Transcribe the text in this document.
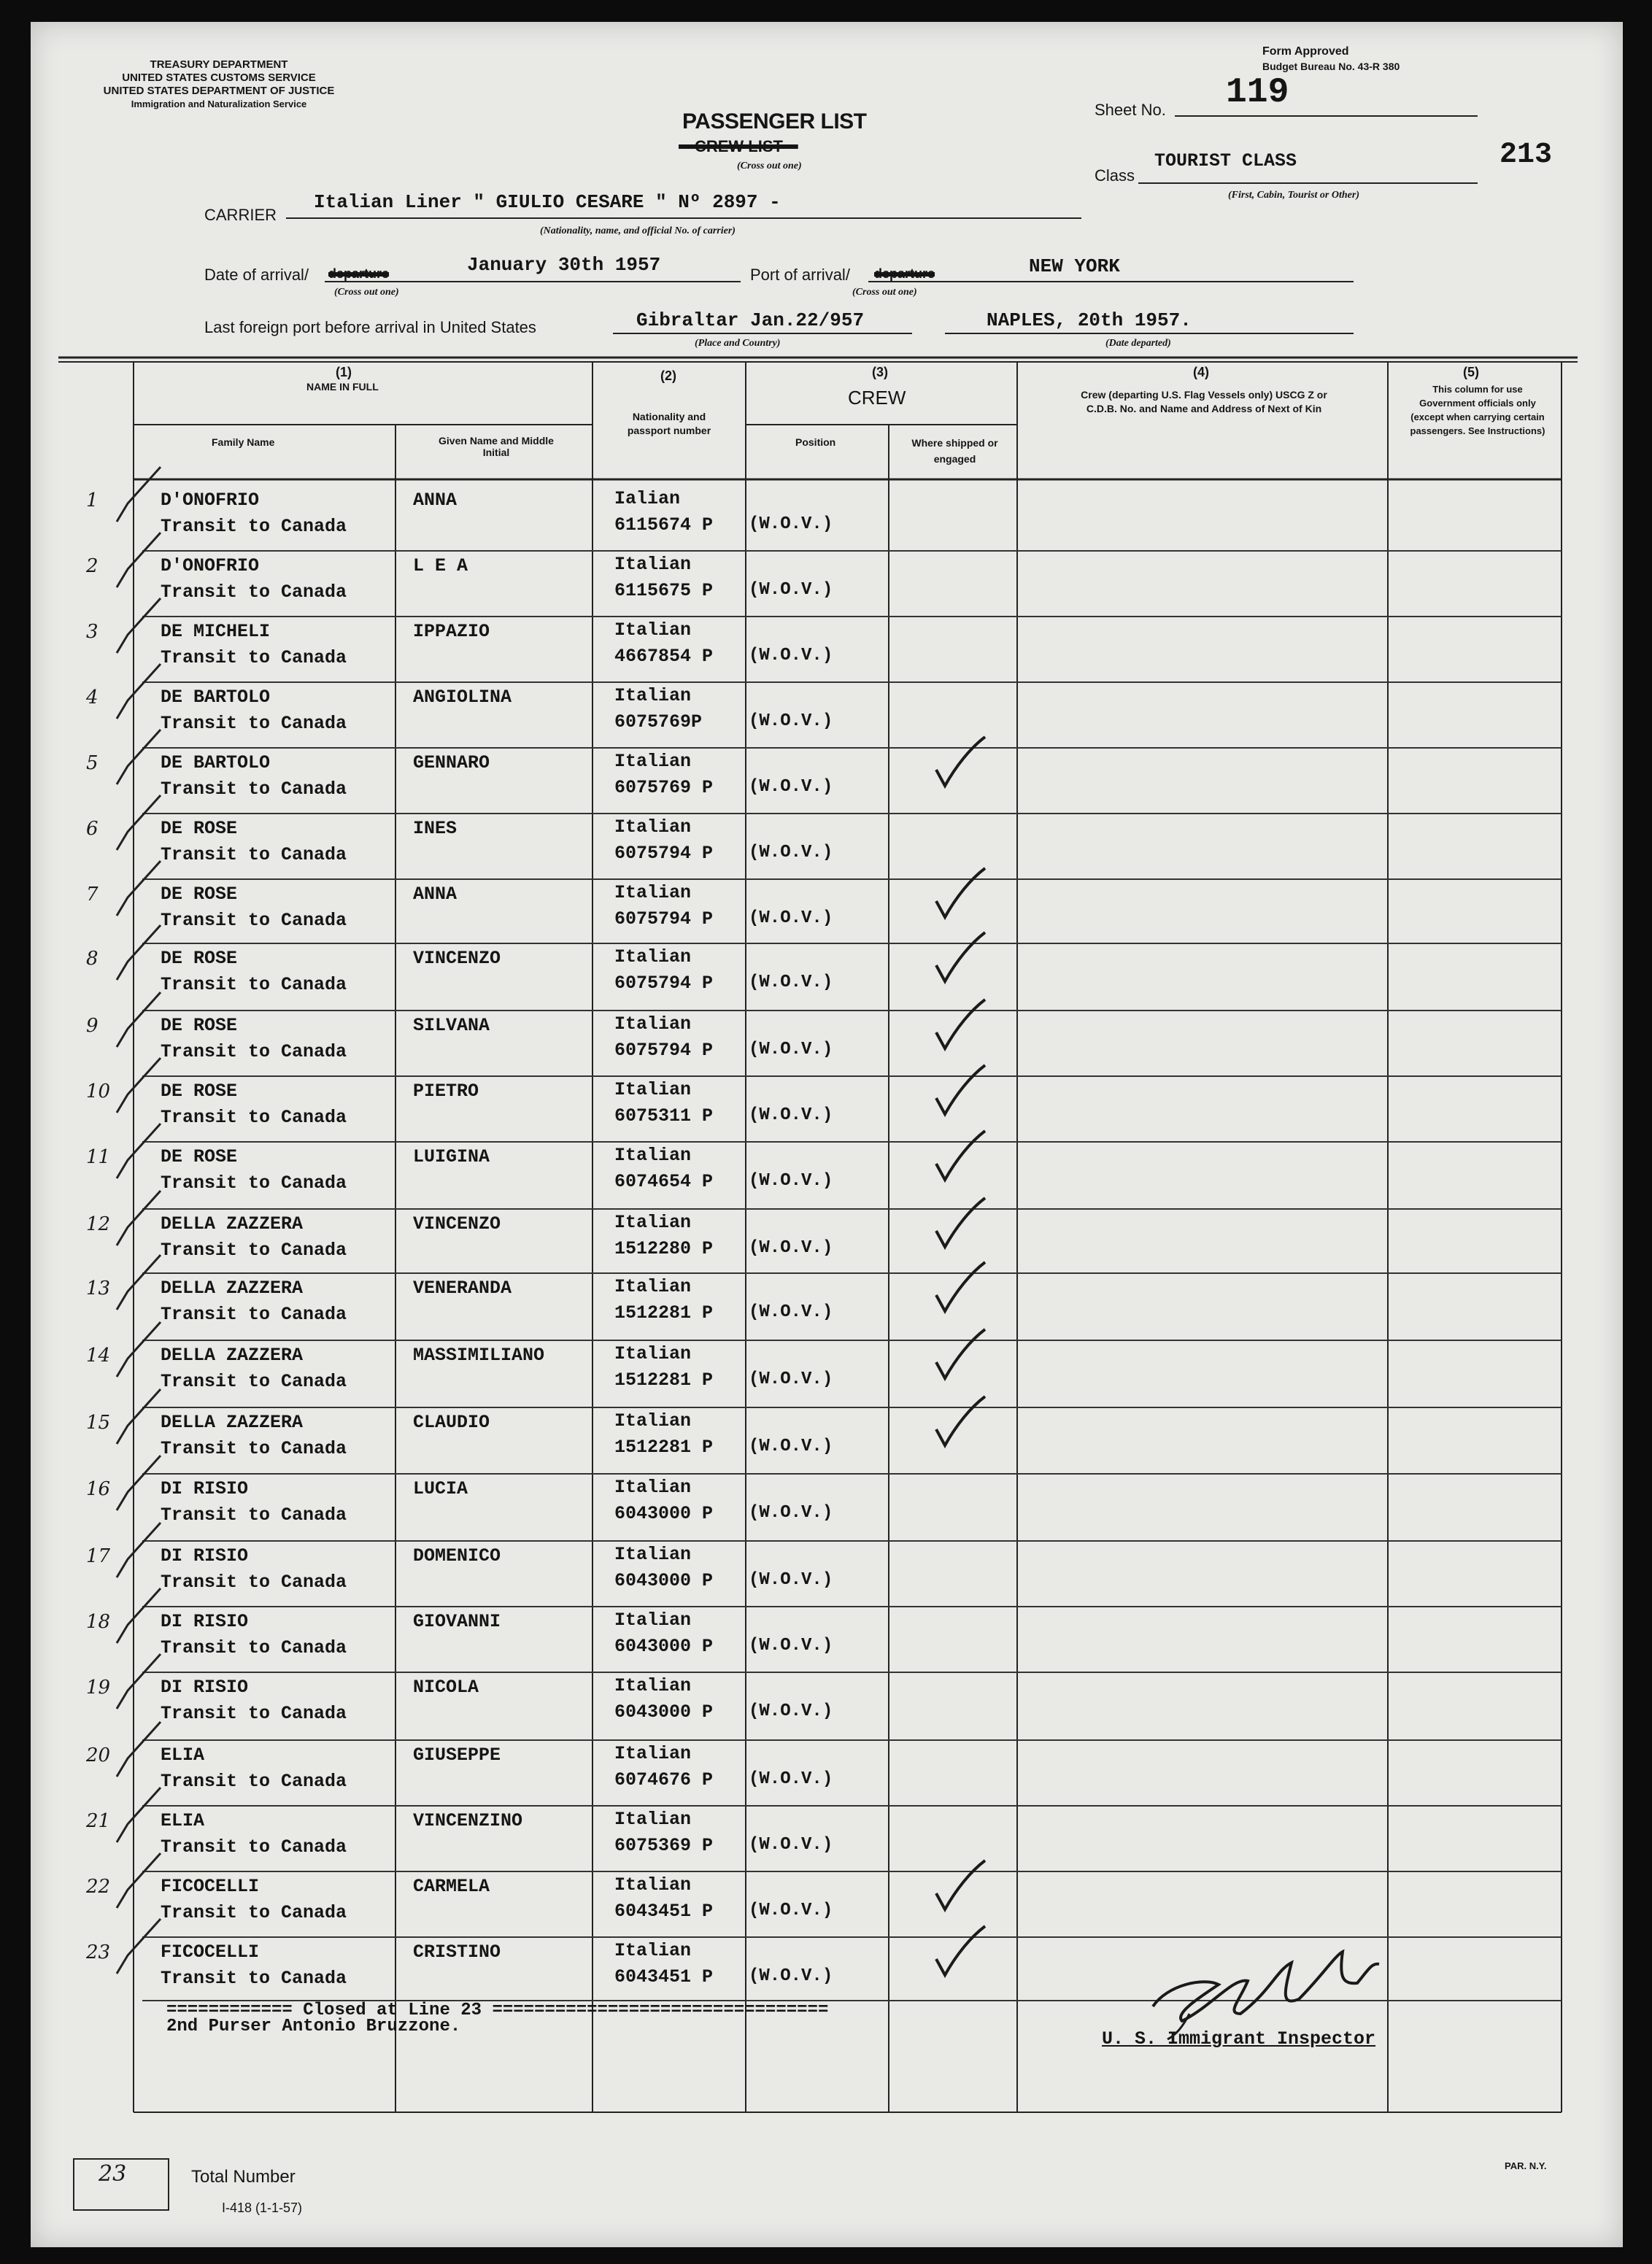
TREASURY DEPARTMENT
UNITED STATES CUSTOMS SERVICE
UNITED STATES DEPARTMENT OF JUSTICE
Immigration and Naturalization Service
PASSENGER LIST
---CREW LIST---
(Cross out one)
Form Approved
Budget Bureau No. 43-R 380
Sheet No. 119
213
Class
TOURIST CLASS
(First, Cabin, Tourist or Other)
CARRIER
Italian Liner " GIULIO CESARE " Nº 2897 -
(Nationality, name, and official No. of carrier)
Date of arrival/ departure	January 30th 1957
(Cross out one)
Port of arrival/ departure	NEW YORK
(Cross out one)
Last foreign port before arrival in United States	Gibraltar Jan.22/957
(Place and Country)
NAPLES, 20th 1957.
(Date departed)
(1)
NAME IN FULL
Family Name	Given Name and Middle Initial
(2)
Nationality and passport number
(3)
CREW
Position	Where shipped or engaged
(4)
Crew (departing U.S. Flag Vessels only) USCG Z or C.D.B. No. and Name and Address of Next of Kin
(5)
This column for use Government officials only (except when carrying certain passengers. See Instructions)
1	D'ONOFRIO
Transit to Canada
ANNA	Ialian
6115674 P (W.O.V.)
2	D'ONOFRIO
Transit to Canada
L E A	Italian
6115675 P (W.O.V.)
3	DE MICHELI
Transit to Canada
IPPAZIO	Italian
4667854 P (W.O.V.)
4	DE BARTOLO
Transit to Canada
ANGIOLINA	Italian
6075769P	(W.O.V.)
5	DE BARTOLO
Transit to Canada
GENNARO	Italian
6075769 P (W.O.V.)
6	DE ROSE
Transit to Canada
INES	Italian
6075794 P (W.O.V.)
7	DE ROSE
Transit to Canada
ANNA	Italian
6075794 P (W.O.V.)
8	DE ROSE
Transit to Canada
VINCENZO	Italian
6075794 P (W.O.V.)
9	DE ROSE
Transit to Canada
SILVANA	Italian
6075794 P (W.O.V.)
10	DE ROSE
Transit to Canada
PIETRO	Italian
6075311 P (W.O.V.)
11	DE ROSE
Transit to Canada
LUIGINA	Italian
6074654 P (W.O.V.)
12	DELLA ZAZZERA
Transit to Canada
VINCENZO	Italian
1512280 P (W.O.V.)
13	DELLA ZAZZERA
Transit to Canada
VENERANDA	Italian
1512281 P (W.O.V.)
14	DELLA ZAZZERA
Transit to Canada
MASSIMILIANO	Italian
1512281 P (W.O.V.)
15	DELLA ZAZZERA
Transit to Canada
CLAUDIO	Italian
1512281 P (W.O.V.)
16	DI RISIO
Transit to Canada
LUCIA	Italian
6043000 P (W.O.V.)
17	DI RISIO
Transit to Canada
DOMENICO	Italian
6043000 P (W.O.V.)
18	DI RISIO
Transit to Canada
GIOVANNI	Italian
6043000 P (W.O.V.)
19	DI RISIO
Transit to Canada
NICOLA	Italian
6043000 P (W.O.V.)
20	ELIA
Transit to Canada
GIUSEPPE	Italian
6074676 P (W.O.V.)
21	ELIA
Transit to Canada
VINCENZINO	Italian
6075369 P (W.O.V.)
22	FICOCELLI
Transit to Canada
CARMELA	Italian
6043451 P (W.O.V.)
23	FICOCELLI
Transit to Canada
CRISTINO	Italian
6043451 P (W.O.V.)
============ Closed at Line 23 ================================
2nd Purser Antonio Bruzzone.
U. S. Immigrant Inspector
23	Total Number
I-418 (1-1-57)
PAR. N.Y.
